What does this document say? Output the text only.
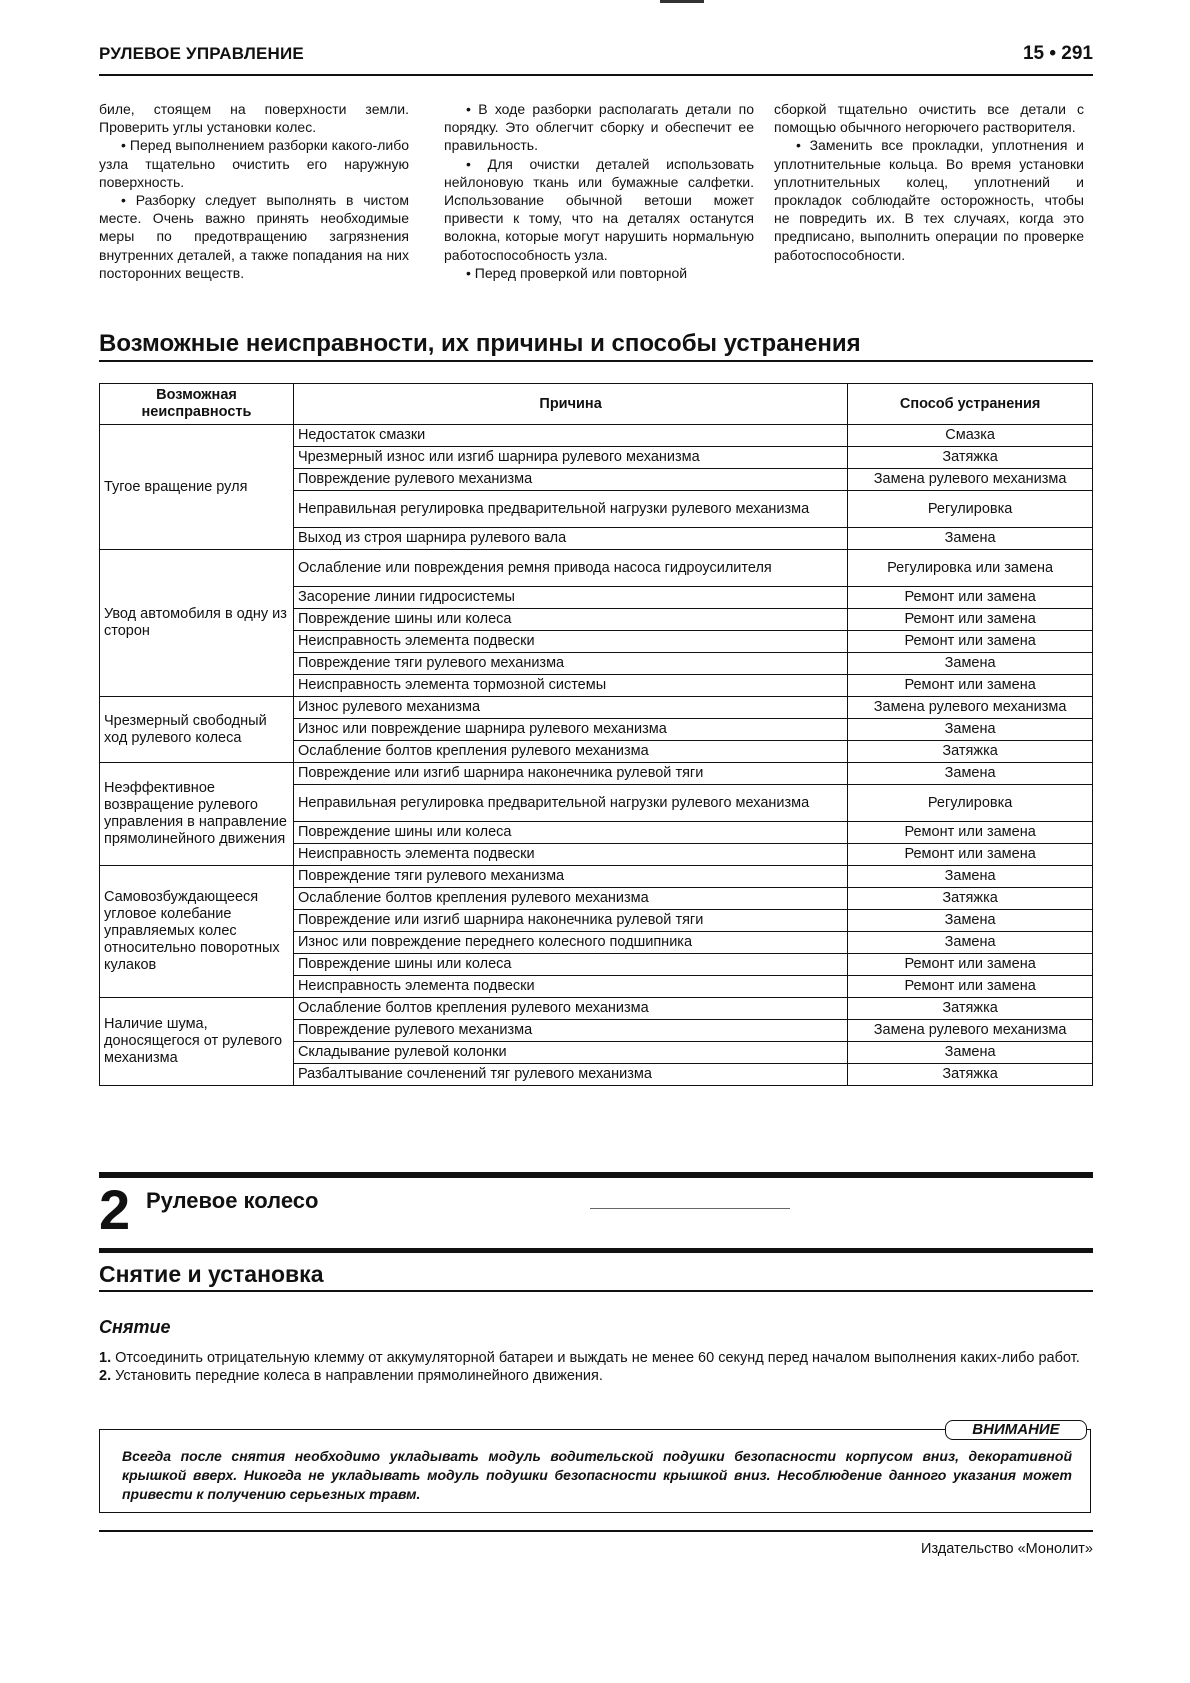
РУЛЕВОЕ УПРАВЛЕНИЕ	15 • 291

биле, стоящем на поверхности земли. Проверить углы установки колес.

• Перед выполнением разборки какого-либо узла тщательно очистить его наружную поверхность.

• Разборку следует выполнять в чистом месте. Очень важно принять необходимые меры по предотвращению загрязнения внутренних деталей, а также попадания на них посторонних веществ.

• В ходе разборки располагать детали по порядку. Это облегчит сборку и обеспечит ее правильность.

• Для очистки деталей использовать нейлоновую ткань или бумажные салфетки. Использование обычной ветоши может привести к тому, что на деталях останутся волокна, которые могут нарушить нормальную работоспособность узла.

• Перед проверкой или повторной

сборкой тщательно очистить все детали с помощью обычного негорючего растворителя.

• Заменить все прокладки, уплотнения и уплотнительные кольца. Во время установки уплотнительных колец, уплотнений и прокладок соблюдайте осторожность, чтобы не повредить их. В тех случаях, когда это предписано, выполнить операции по проверке работоспособности.

Возможные неисправности, их причины и способы устранения
Возможная неисправность	Причина	Способ устранения
Тугое вращение руля	Недостаток смазки	Смазка
	Чрезмерный износ или изгиб шарнира рулевого механизма	Затяжка
	Повреждение рулевого механизма	Замена рулевого механизма
	Неправильная регулировка предварительной нагрузки рулевого механизма	Регулировка
	Выход из строя шарнира рулевого вала	Замена
Увод автомобиля в одну из сторон	Ослабление или повреждения ремня привода насоса гидроусилителя	Регулировка или замена
	Засорение линии гидросистемы	Ремонт или замена
	Повреждение шины или колеса	Ремонт или замена
	Неисправность элемента подвески	Ремонт или замена
	Повреждение тяги рулевого механизма	Замена
	Неисправность элемента тормозной системы	Ремонт или замена
Чрезмерный свободный ход рулевого колеса	Износ рулевого механизма	Замена рулевого механизма
	Износ или повреждение шарнира рулевого механизма	Замена
	Ослабление болтов крепления рулевого механизма	Затяжка
Неэффективное возвращение рулевого управления в направление прямолинейного движения	Повреждение или изгиб шарнира наконечника рулевой тяги	Замена
	Неправильная регулировка предварительной нагрузки рулевого механизма	Регулировка
	Повреждение шины или колеса	Ремонт или замена
	Неисправность элемента подвески	Ремонт или замена
Самовозбуждающееся угловое колебание управляемых колес относительно поворотных кулаков	Повреждение тяги рулевого механизма	Замена
	Ослабление болтов крепления рулевого механизма	Затяжка
	Повреждение или изгиб шарнира наконечника рулевой тяги	Замена
	Износ или повреждение переднего колесного подшипника	Замена
	Повреждение шины или колеса	Ремонт или замена
	Неисправность элемента подвески	Ремонт или замена
Наличие шума, доносящегося от рулевого механизма	Ослабление болтов крепления рулевого механизма	Затяжка
	Повреждение рулевого механизма	Замена рулевого механизма
	Складывание рулевой колонки	Замена
	Разбалтывание сочленений тяг рулевого механизма	Затяжка
2 Рулевое колесо
Снятие и установка
Снятие

1. Отсоединить отрицательную клемму от аккумуляторной батареи и выждать не менее 60 секунд перед началом выполнения каких-либо работ.

2. Установить передние колеса в направлении прямолинейного движения.

Всегда после снятия необходимо укладывать модуль водительской подушки безопасности корпусом вниз, декоративной крышкой вверх. Никогда не укладывать модуль подушки безопасности крышкой вниз. Несоблюдение данного указания может привести к получению серьезных травм.
ВНИМАНИЕ
Издательство «Монолит»
